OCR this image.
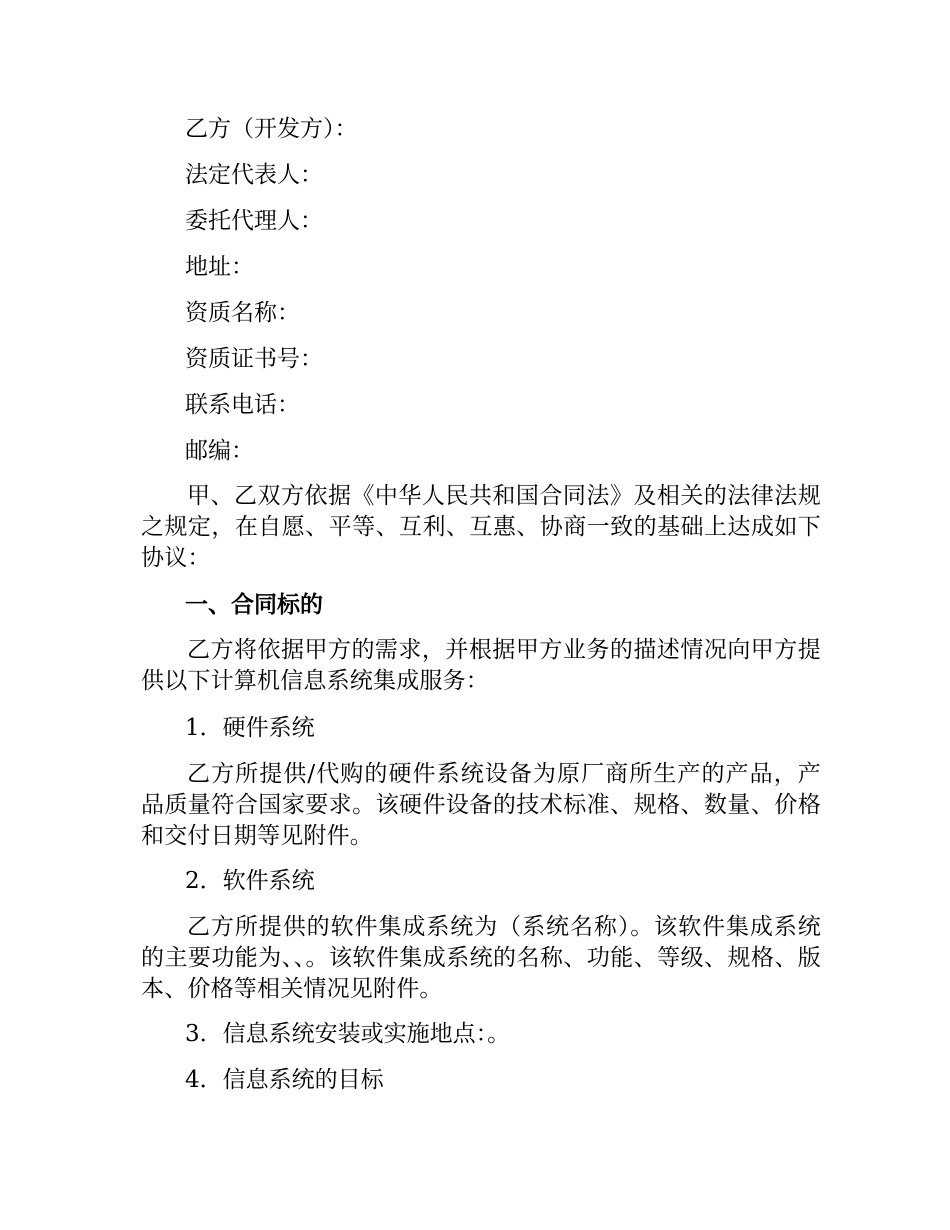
乙方（开发方）：
法定代表人：
委托代理人：
地址：
资质名称：
资质证书号：
联系电话：
邮编：
甲、乙双方依据《中华人民共和国合同法》及相关的法律法规之规定，在自愿、平等、互利、互惠、协商一致的基础上达成如下协议：
一、合同标的
乙方将依据甲方的需求，并根据甲方业务的描述情况向甲方提供以下计算机信息系统集成服务：
1．硬件系统
乙方所提供/代购的硬件系统设备为原厂商所生产的产品，产品质量符合国家要求。该硬件设备的技术标准、规格、数量、价格和交付日期等见附件。
2．软件系统
乙方所提供的软件集成系统为（系统名称）。该软件集成系统的主要功能为、、。该软件集成系统的名称、功能、等级、规格、版本、价格等相关情况见附件。
3．信息系统安装或实施地点：。
4．信息系统的目标
